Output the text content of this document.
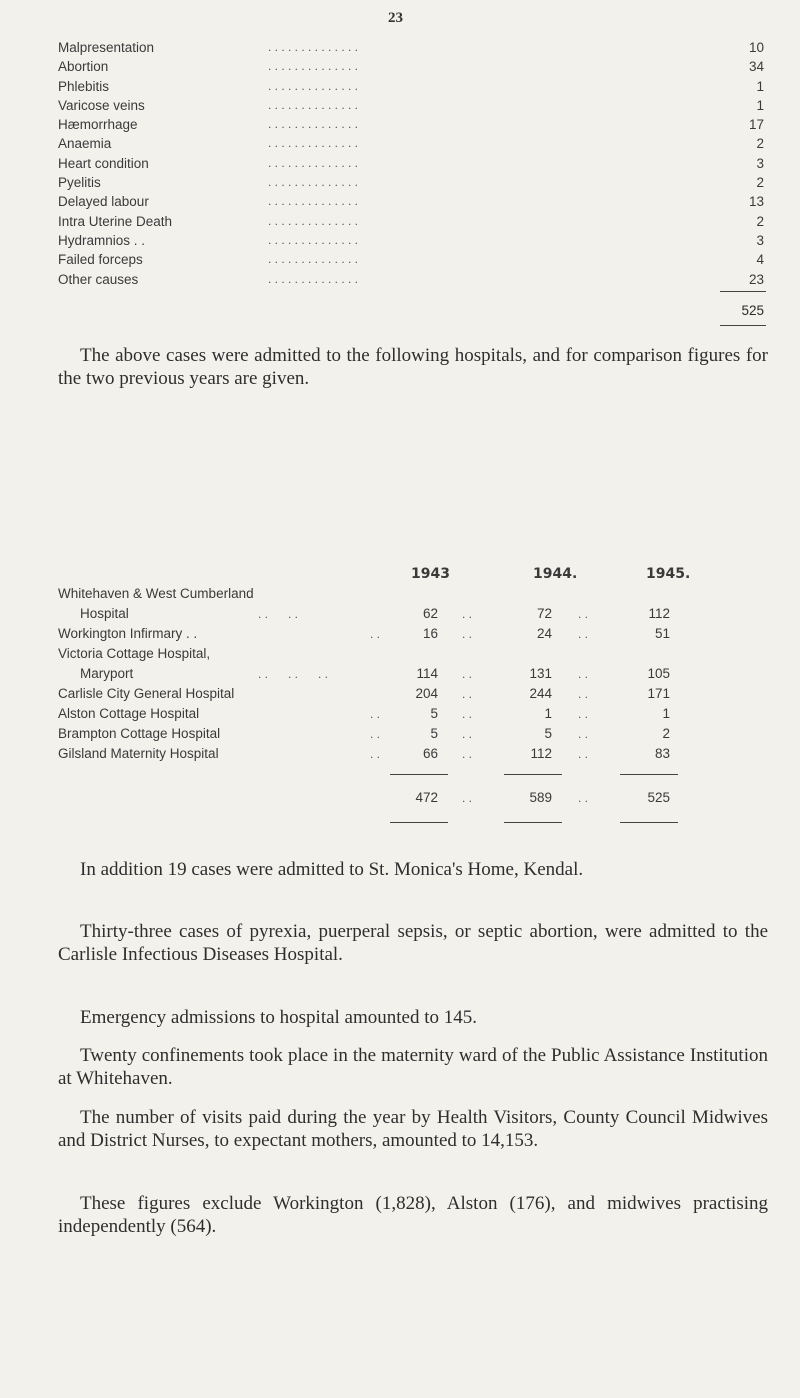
23
Malpresentation	. . . . . . . . . . . . . .	10
Abortion	. . . . . . . . . . . . . .	34
Phlebitis	. . . . . . . . . . . . . .	1
Varicose veins	. . . . . . . . . . . . . .	1
Hæmorrhage	. . . . . . . . . . . . . .	17
Anaemia	. . . . . . . . . . . . . .	2
Heart condition	. . . . . . . . . . . . . .	3
Pyelitis	. . . . . . . . . . . . . .	2
Delayed labour	. . . . . . . . . . . . . .	13
Intra Uterine Death	. . . . . . . . . . . . . .	2
Hydramnios . .	. . . . . . . . . . . . . .	3
Failed forceps	. . . . . . . . . . . . . .	4
Other causes	. . . . . . . . . . . . . .	23
525

The above cases were admitted to the following hospitals, and for comparison figures for the two previous years are given.

1943	1944.	1945.
Whitehaven & West Cumberland
Hospital	. .      . .	62 . .	72 . .	112
Workington Infirmary . .	. .	16 . .	24 . .	51
Victoria Cottage Hospital,
Maryport	. .      . .      . .	114 . .	131 . .	105
Carlisle City General Hospital	204 . .	244 . .	171
Alston Cottage Hospital	. .	5 . .	1 . .	1
Brampton Cottage Hospital	. .	5 . .	5 . .	2
Gilsland Maternity Hospital	. .	66 . .	112 . .	83
472 . .	589 . .	525

In addition 19 cases were admitted to St. Monica's Home, Kendal.

Thirty-three cases of pyrexia, puerperal sepsis, or septic abortion, were admitted to the Carlisle Infectious Diseases Hospital.

Emergency admissions to hospital amounted to 145.

Twenty confinements took place in the maternity ward of the Public Assistance Institution at Whitehaven.

The number of visits paid during the year by Health Visitors, County Council Midwives and District Nurses, to expectant mothers, amounted to 14,153.

These figures exclude Workington (1,828), Alston (176), and midwives practising independently (564).
